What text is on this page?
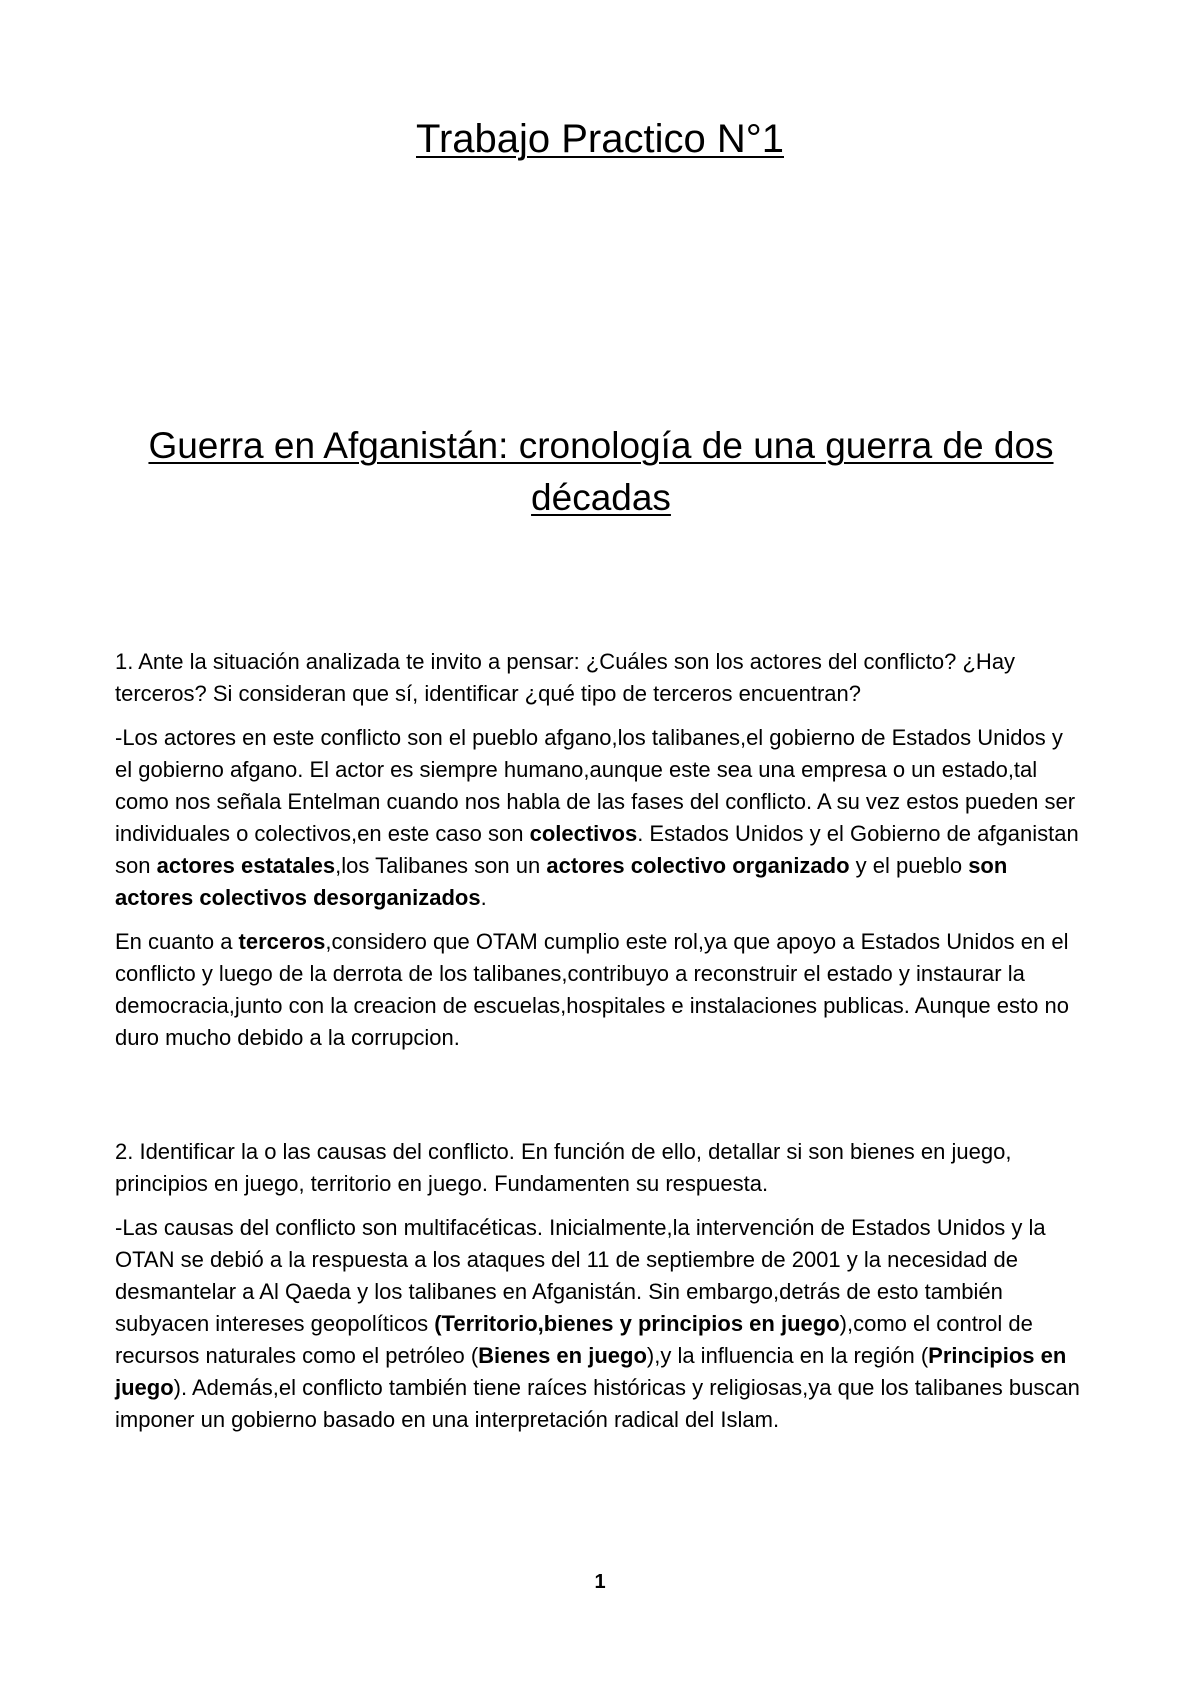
Trabajo Practico N°1
Guerra en Afganistán: cronología de una guerra de dos décadas

1. Ante la situación analizada te invito a pensar: ¿Cuáles son los actores del conflicto? ¿Hay terceros? Si consideran que sí, identificar ¿qué tipo de terceros encuentran?

-Los actores en este conflicto son el pueblo afgano,los talibanes,el gobierno de Estados Unidos y el gobierno afgano. El actor es siempre humano,aunque este sea una empresa o un estado,tal como nos señala Entelman cuando nos habla de las fases del conflicto. A su vez estos pueden ser individuales o colectivos,en este caso son colectivos. Estados Unidos y el Gobierno de afganistan son actores estatales,los Talibanes son un actores colectivo organizado y el pueblo son actores colectivos desorganizados.

En cuanto a terceros,considero que OTAM cumplio este rol,ya que apoyo a Estados Unidos en el conflicto y luego de la derrota de los talibanes,contribuyo a reconstruir el estado y instaurar la democracia,junto con la creacion de escuelas,hospitales e instalaciones publicas. Aunque esto no duro mucho debido a la corrupcion.

2. Identificar la o las causas del conflicto. En función de ello, detallar si son bienes en juego, principios en juego, territorio en juego. Fundamenten su respuesta.

-Las causas del conflicto son multifacéticas. Inicialmente,la intervención de Estados Unidos y la OTAN se debió a la respuesta a los ataques del 11 de septiembre de 2001 y la necesidad de desmantelar a Al Qaeda y los talibanes en Afganistán. Sin embargo,detrás de esto también subyacen intereses geopolíticos (Territorio,bienes y principios en juego),como el control de recursos naturales como el petróleo (Bienes en juego),y la influencia en la región (Principios en juego). Además,el conflicto también tiene raíces históricas y religiosas,ya que los talibanes buscan imponer un gobierno basado en una interpretación radical del Islam.

1
